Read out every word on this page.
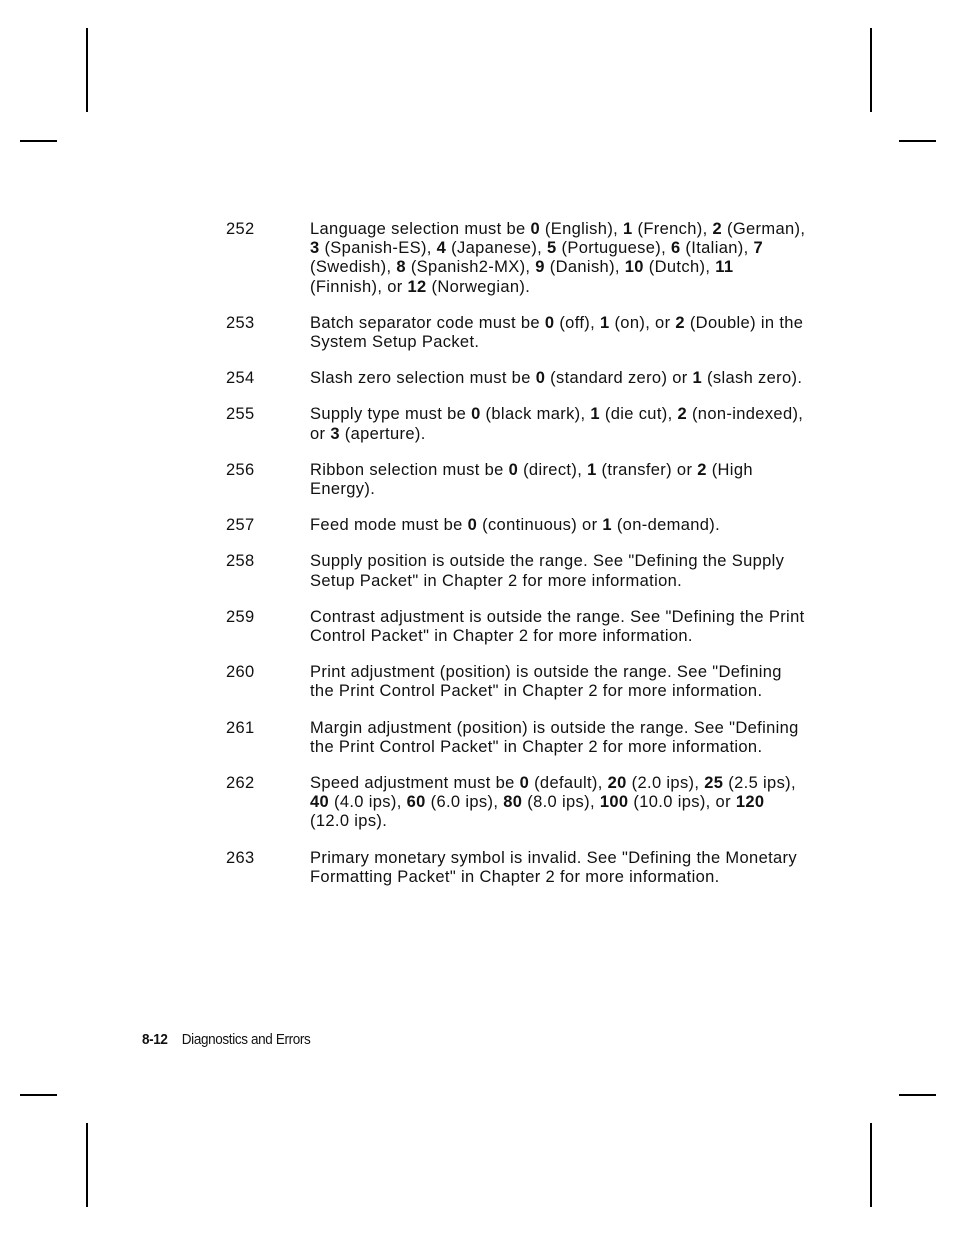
252	Language selection must be 0 (English), 1 (French), 2 (German), 3 (Spanish-ES), 4 (Japanese), 5 (Portuguese), 6 (Italian), 7 (Swedish), 8 (Spanish2-MX), 9 (Danish), 10 (Dutch), 11 (Finnish), or 12 (Norwegian).
253	Batch separator code must be 0 (off), 1 (on), or 2 (Double) in the System Setup Packet.
254	Slash zero selection must be 0 (standard zero) or 1 (slash zero).
255	Supply type must be 0 (black mark), 1 (die cut), 2 (non-indexed), or 3 (aperture).
256	Ribbon selection must be 0 (direct), 1 (transfer) or 2 (High Energy).
257	Feed mode must be 0 (continuous) or 1 (on-demand).
258	Supply position is outside the range. See "Defining the Supply Setup Packet" in Chapter 2 for more information.
259	Contrast adjustment is outside the range. See "Defining the Print Control Packet" in Chapter 2 for more information.
260	Print adjustment (position) is outside the range. See "Defining the Print Control Packet" in Chapter 2 for more information.
261	Margin adjustment (position) is outside the range. See "Defining the Print Control Packet" in Chapter 2 for more information.
262	Speed adjustment must be 0 (default), 20 (2.0 ips), 25 (2.5 ips), 40 (4.0 ips), 60 (6.0 ips), 80 (8.0 ips), 100 (10.0 ips), or 120 (12.0 ips).
263	Primary monetary symbol is invalid. See "Defining the Monetary Formatting Packet" in Chapter 2 for more information.
8-12 Diagnostics and Errors
